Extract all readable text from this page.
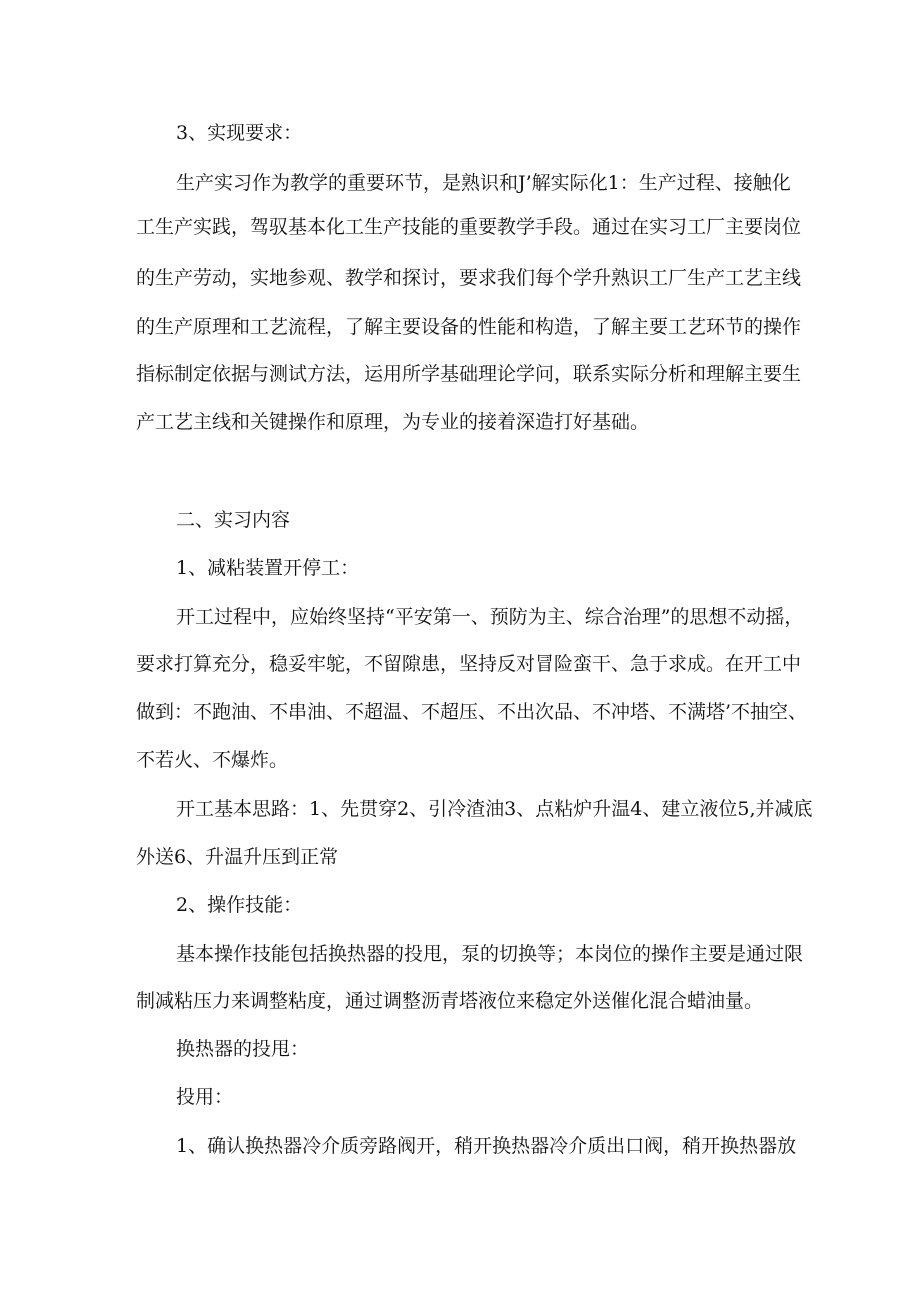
3、实现要求：
生产实习作为教学的重要环节，是熟识和J’解实际化1：生产过程、接触化
工生产实践，驾驭基本化工生产技能的重要教学手段。通过在实习工厂主要岗位
的生产劳动，实地参观、教学和探讨，要求我们每个学升熟识工厂生产工艺主线
的生产原理和工艺流程，了解主要设备的性能和构造，了解主要工艺环节的操作
指标制定依据与测试方法，运用所学基础理论学问，联系实际分析和理解主要生
产工艺主线和关键操作和原理，为专业的接着深造打好基础。
二、实习内容
1、减粘装置开停工：
开工过程中，应始终坚持“平安第一、预防为主、综合治理”的思想不动摇，
要求打算充分，稳妥牢鸵，不留隙患，坚持反对冒险蛮干、急于求成。在开工中
做到：不跑油、不串油、不超温、不超压、不出次品、不冲塔、不满塔’不抽空、
不若火、不爆炸。
开工基本思路：1、先贯穿2、引冷渣油3、点粘炉升温4、建立液位5,并减底
外送6、升温升压到正常
2、操作技能：
基本操作技能包括换热器的投甩，泵的切换等；本岗位的操作主要是通过限
制减粘压力来调整粘度，通过调整沥青塔液位来稳定外送催化混合蜡油量。
换热器的投甩：
投用：
1、确认换热器冷介质旁路阀开，稍开换热器冷介质出口阀，稍开换热器放
